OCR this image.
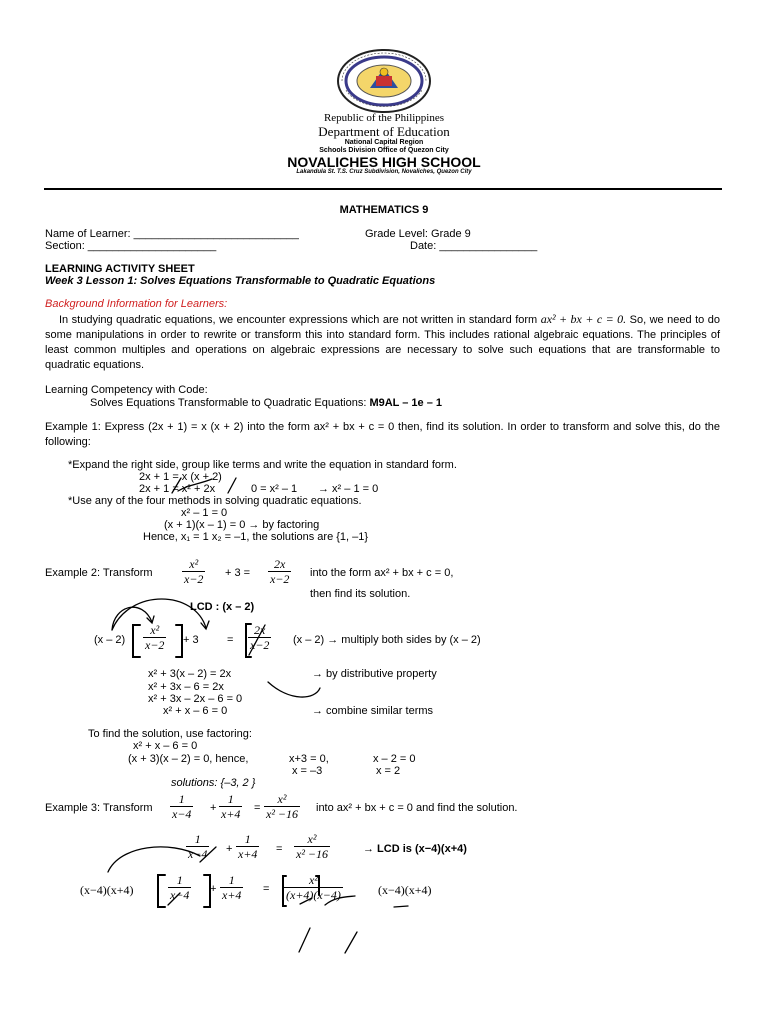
Republic of the Philippines
Department of Education
National Capital Region
Schools Division Office of Quezon City
NOVALICHES HIGH SCHOOL
Lakandula St. T.S. Cruz Subdivision, Novaliches, Quezon City
MATHEMATICS 9
Name of Learner: ___________________________	Grade Level: Grade 9
Section: _____________________	Date: ________________
LEARNING ACTIVITY SHEET
Week 3 Lesson 1: Solves Equations Transformable to Quadratic Equations
Background Information for Learners:
In studying quadratic equations, we encounter expressions which are not written in standard form ax² + bx + c = 0. So, we need to do some manipulations in order to rewrite or transform this into standard form. This includes rational algebraic equations. The principles of least common multiples and operations on algebraic expressions are necessary to solve such equations that are transformable to quadratic equations.
Learning Competency with Code:
Solves Equations Transformable to Quadratic Equations: M9AL – 1e – 1
Example 1: Express (2x + 1) = x (x + 2) into the form ax² + bx + c = 0 then, find its solution. In order to transform and solve this, do the following:
*Expand the right side, group like terms and write the equation in standard form.
2x + 1 = x (x + 2)
2x + 1 = x² + 2x	0 = x² – 1 → x² – 1 = 0
*Use any of the four methods in solving quadratic equations.
x² – 1 = 0
(x + 1)(x – 1) = 0 → by factoring
Hence, x₁ = 1 x₂ = –1, the solutions are {1, –1}
Example 2: Transform $\frac{\text{x²}}{x-2} + 3 = \frac{2x}{x-2}$ into the form ax² + bx + c = 0,
then find its solution.
LCD : (x – 2)
$(x - 2) \frac{\text{x²}}{x-2} + 3$	= $\frac{2x}{x-2} (x - 2)$ → multiply both sides by (x – 2)
x² + 3(x – 2) = 2x	→ by distributive property
x² + 3x – 6 = 2x
x² + 3x – 2x – 6 = 0
x² + x – 6 = 0	→ combine similar terms
To find the solution, use factoring:
x² + x – 6 = 0
(x + 3)(x – 2) = 0, hence,	x+3 = 0,	x – 2 = 0
x = –3	x = 2
solutions: {–3, 2 }
Example 3: Transform $\frac{1}{x-4} + \frac{1}{x+4} = \frac{\text{x²}}{\text{x² −16}}$ into ax² + bx + c = 0 and find the solution.
$\frac{1}{x-4} + \frac{1}{x+4} = \frac{\text{x²}}{\text{x² −16}}$	→ LCD is (x−4)(x+4)
(x−4)(x+4)	$\frac{1}{x-4} + \frac{1}{x+4} = \frac{\text{x²}}{(x+4)(x-4)}$	(x−4)(x+4)
